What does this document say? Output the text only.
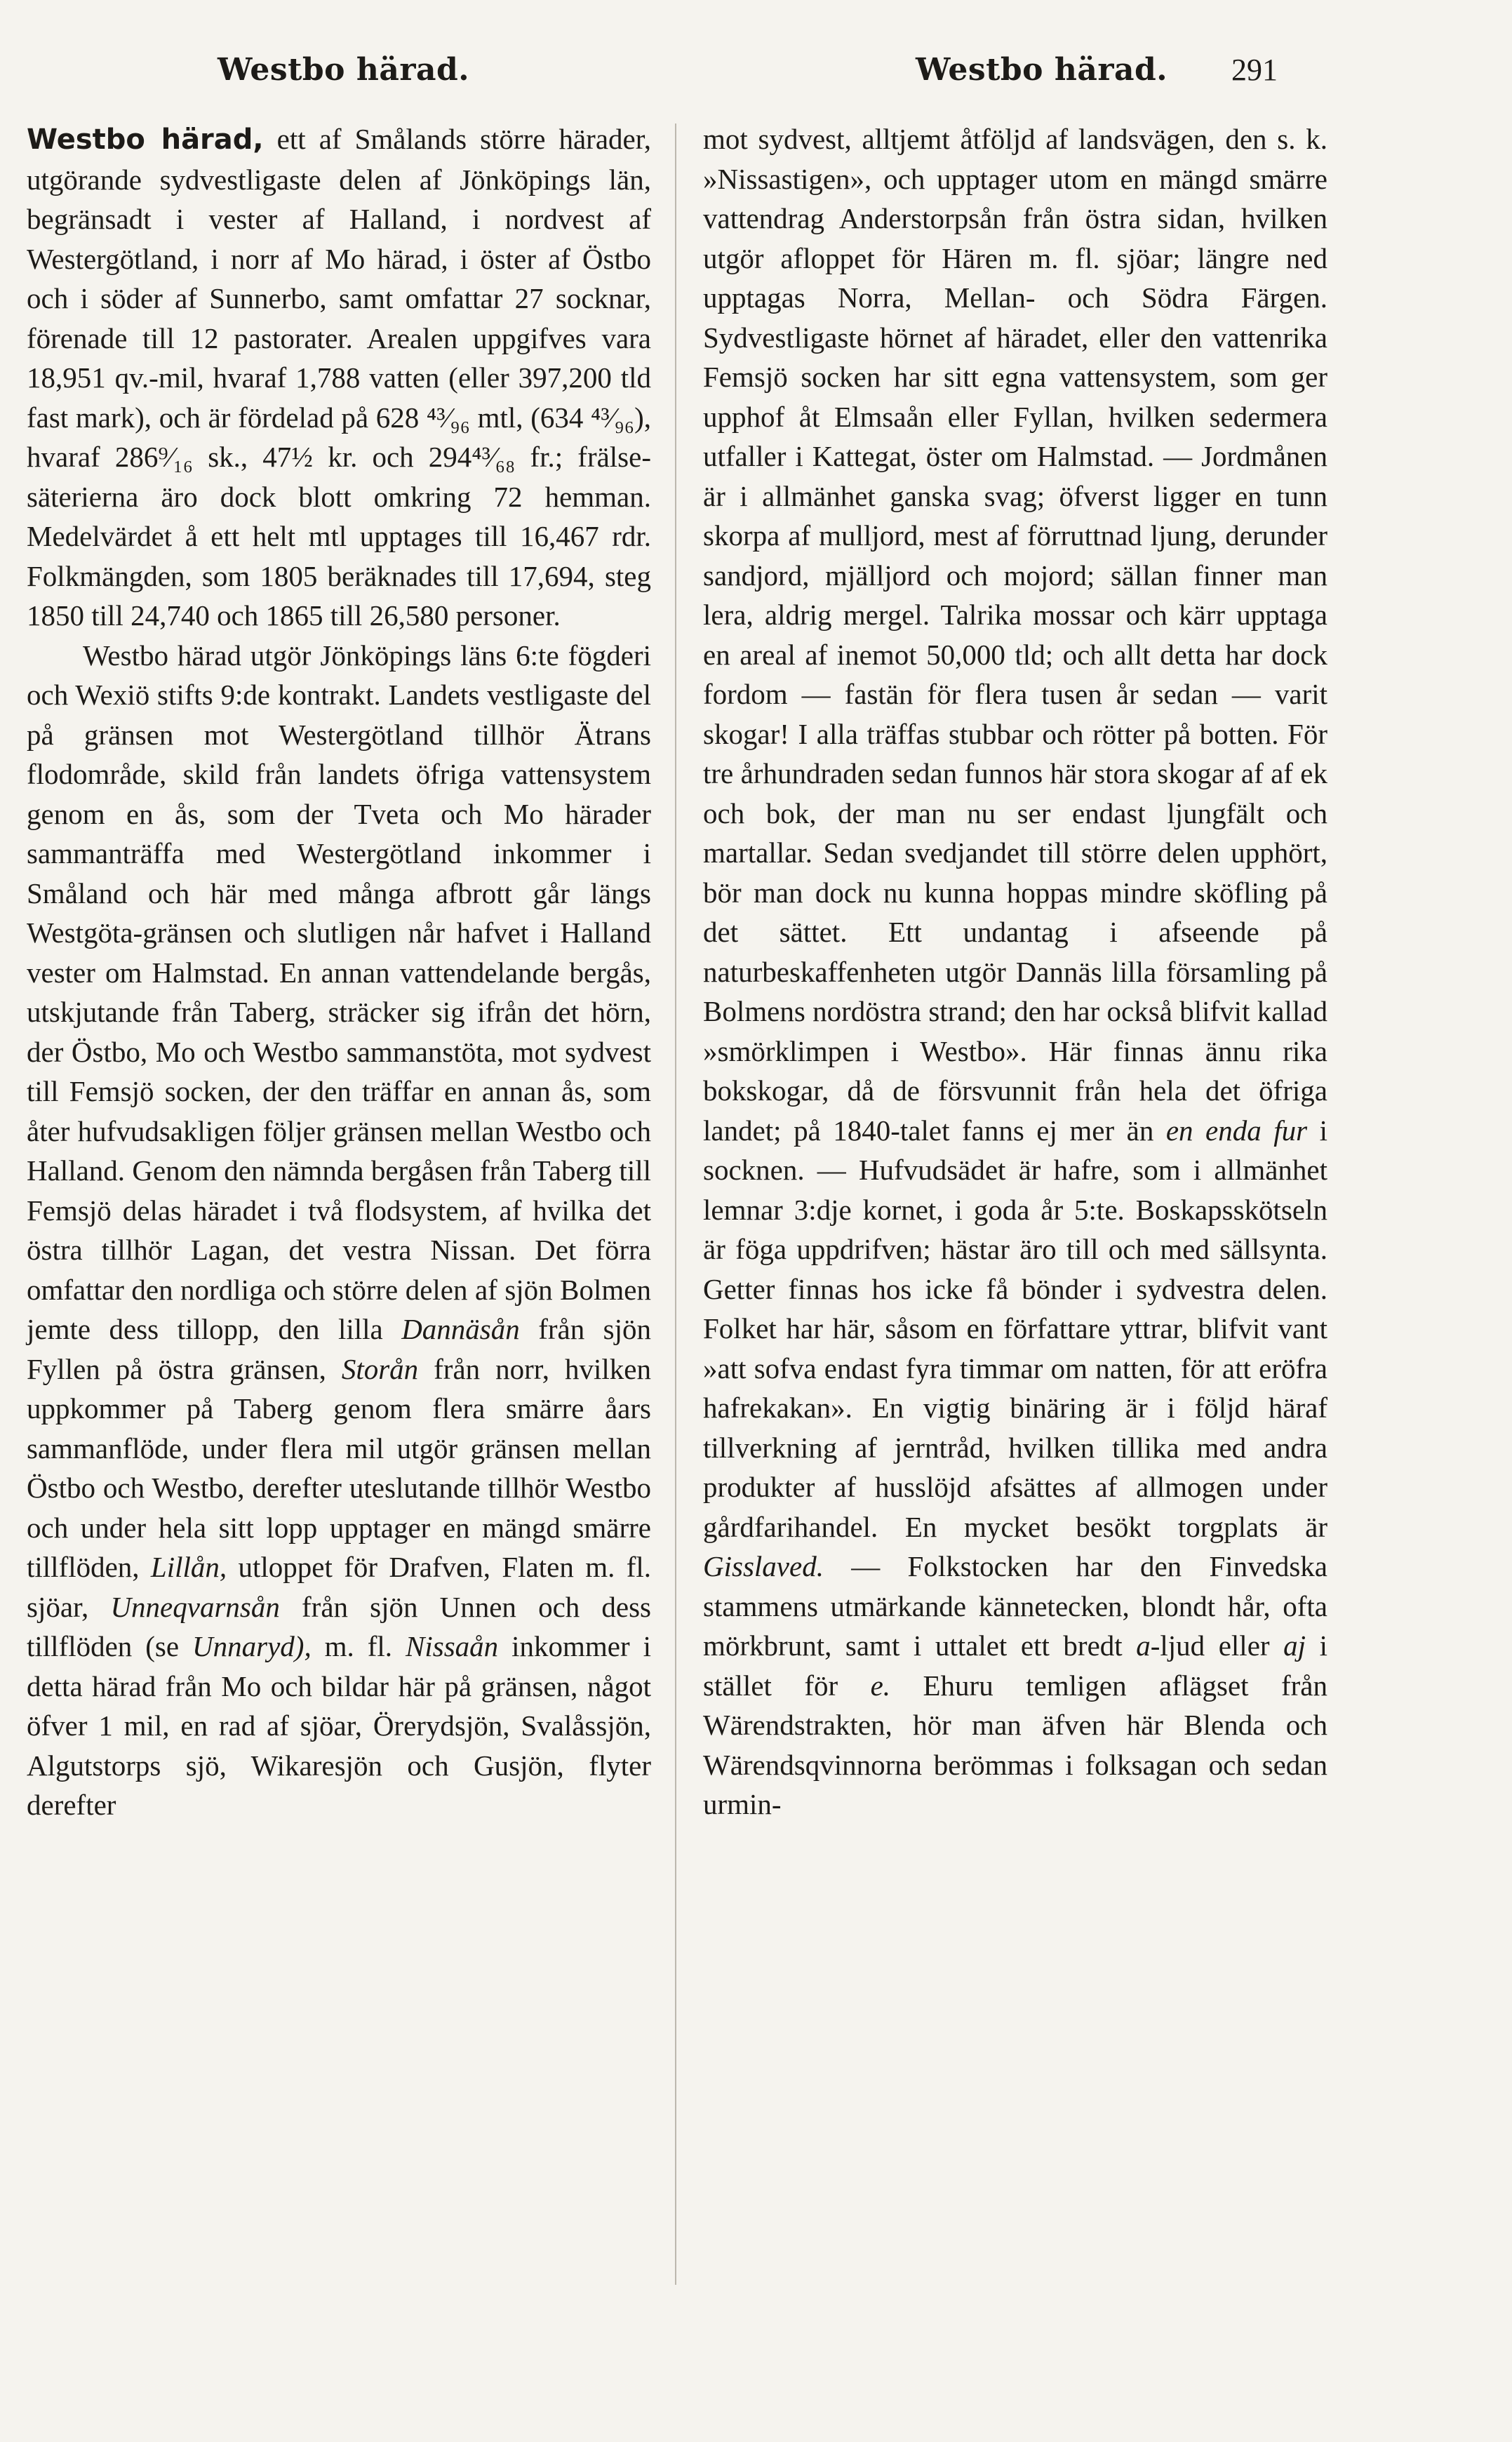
Westbo härad.	Westbo härad. 291

Westbo härad, ett af Smålands större härader, utgörande sydvestligaste delen af Jönköpings län, begränsadt i vester af Halland, i nordvest af Westergötland, i norr af Mo härad, i öster af Östbo och i söder af Sunnerbo, samt omfattar 27 socknar, förenade till 12 pastorater. Arealen uppgifves vara 18,951 qv.-mil, hvaraf 1,788 vatten (eller 397,200 tld fast mark), och är fördelad på 628 ⁴³⁄₉₆ mtl, (634 ⁴³⁄₉₆), hvaraf 286⁹⁄₁₆ sk., 47½ kr. och 294⁴³⁄₆₈ fr.; frälse-säterierna äro dock blott omkring 72 hemman. Medelvärdet å ett helt mtl upptages till 16,467 rdr. Folkmängden, som 1805 beräknades till 17,694, steg 1850 till 24,740 och 1865 till 26,580 personer.

Westbo härad utgör Jönköpings läns 6:te fögderi och Wexiö stifts 9:de kontrakt. Landets vestligaste del på gränsen mot Westergötland tillhör Ätrans flodområde, skild från landets öfriga vattensystem genom en ås, som der Tveta och Mo härader sammanträffa med Westergötland inkommer i Småland och här med många afbrott går längs Westgöta-gränsen och slutligen når hafvet i Halland vester om Halmstad. En annan vattendelande bergås, utskjutande från Taberg, sträcker sig ifrån det hörn, der Östbo, Mo och Westbo sammanstöta, mot sydvest till Femsjö socken, der den träffar en annan ås, som åter hufvudsakligen följer gränsen mellan Westbo och Halland. Genom den nämnda bergåsen från Taberg till Femsjö delas häradet i två flodsystem, af hvilka det östra tillhör Lagan, det vestra Nissan. Det förra omfattar den nordliga och större delen af sjön Bolmen jemte dess tillopp, den lilla Dannäsån från sjön Fyllen på östra gränsen, Storån från norr, hvilken uppkommer på Taberg genom flera smärre åars sammanflöde, under flera mil utgör gränsen mellan Östbo och Westbo, derefter uteslutande tillhör Westbo och under hela sitt lopp upptager en mängd smärre tillflöden, Lillån, utloppet för Drafven, Flaten m. fl. sjöar, Unneqvarnsån från sjön Unnen och dess tillflöden (se Unnaryd), m. fl. Nissaån inkommer i detta härad från Mo och bildar här på gränsen, något öfver 1 mil, en rad af sjöar, Örerydsjön, Svalåssjön, Algutstorps sjö, Wikaresjön och Gusjön, flyter derefter

mot sydvest, alltjemt åtföljd af landsvägen, den s. k. »Nissastigen», och upptager utom en mängd smärre vattendrag Anderstorpsån från östra sidan, hvilken utgör afloppet för Hären m. fl. sjöar; längre ned upptagas Norra, Mellan- och Södra Färgen. Sydvestligaste hörnet af häradet, eller den vattenrika Femsjö socken har sitt egna vattensystem, som ger upphof åt Elmsaån eller Fyllan, hvilken sedermera utfaller i Kattegat, öster om Halmstad. — Jordmånen är i allmänhet ganska svag; öfverst ligger en tunn skorpa af mulljord, mest af förruttnad ljung, derunder sandjord, mjälljord och mojord; sällan finner man lera, aldrig mergel. Talrika mossar och kärr upptaga en areal af inemot 50,000 tld; och allt detta har dock fordom — fastän för flera tusen år sedan — varit skogar! I alla träffas stubbar och rötter på botten. För tre århundraden sedan funnos här stora skogar af af ek och bok, der man nu ser endast ljungfält och martallar. Sedan svedjandet till större delen upphört, bör man dock nu kunna hoppas mindre sköfling på det sättet. Ett undantag i afseende på naturbeskaffenheten utgör Dannäs lilla församling på Bolmens nordöstra strand; den har också blifvit kallad »smörklimpen i Westbo». Här finnas ännu rika bokskogar, då de försvunnit från hela det öfriga landet; på 1840-talet fanns ej mer än en enda fur i socknen. — Hufvudsädet är hafre, som i allmänhet lemnar 3:dje kornet, i goda år 5:te. Boskapsskötseln är föga uppdrifven; hästar äro till och med sällsynta. Getter finnas hos icke få bönder i sydvestra delen. Folket har här, såsom en författare yttrar, blifvit vant »att sofva endast fyra timmar om natten, för att eröfra hafrekakan». En vigtig binäring är i följd häraf tillverkning af jerntråd, hvilken tillika med andra produkter af husslöjd afsättes af allmogen under gårdfarihandel. En mycket besökt torgplats är Gisslaved. — Folkstocken har den Finvedska stammens utmärkande kännetecken, blondt hår, ofta mörkbrunt, samt i uttalet ett bredt a-ljud eller aj i stället för e. Ehuru temligen aflägset från Wärendstrakten, hör man äfven här Blenda och Wärendsqvinnorna berömmas i folksagan och sedan urmin-
